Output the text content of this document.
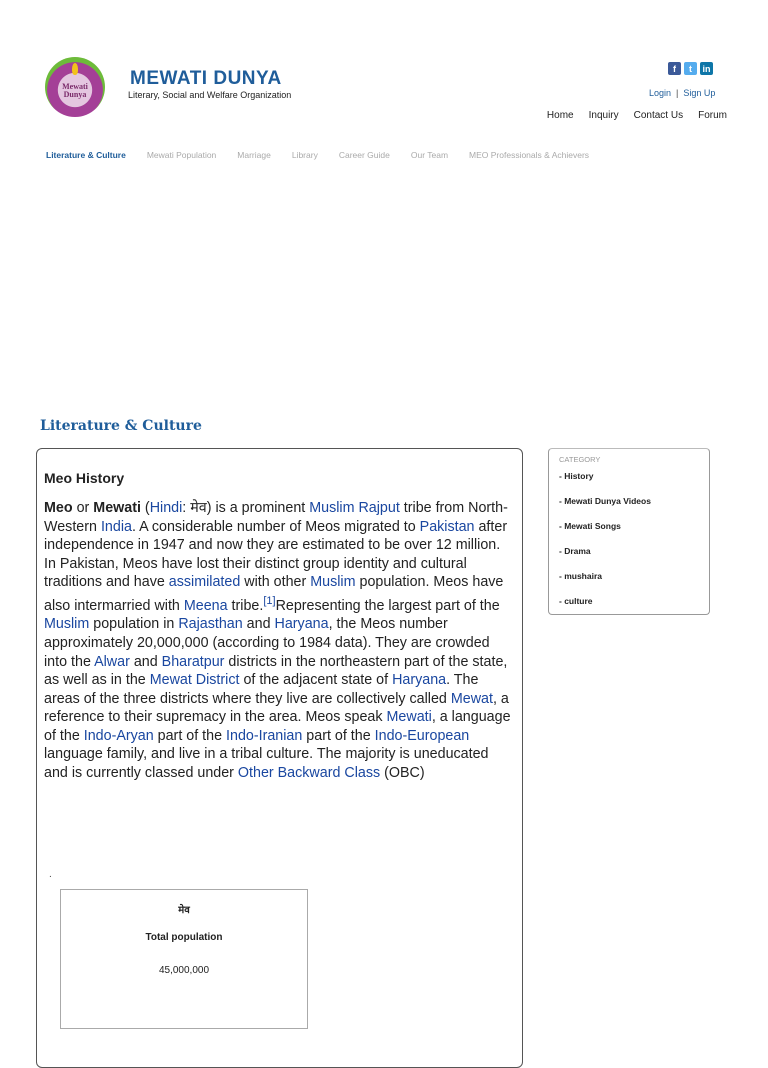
Mewati
Dunya
MEWATI DUNYA
Literary, Social and Welfare Organization
f	t	in
Login | Sign Up
Home Inquiry Contact Us Forum
Literature & Culture Mewati Population Marriage Library Career Guide Our Team MEO Professionals & Achievers
Literature & Culture
Meo History
Meo or Mewati (Hindi: मेव) is a prominent Muslim Rajput tribe from North-Western India. A considerable number of Meos migrated to Pakistan after independence in 1947 and now they are estimated to be over 12 million. In Pakistan, Meos have lost their distinct group identity and cultural traditions and have assimilated with other Muslim population. Meos have also intermarried with Meena tribe.[1]Representing the largest part of the Muslim population in Rajasthan and Haryana, the Meos number approximately 20,000,000 (according to 1984 data). They are crowded into the Alwar and Bharatpur districts in the northeastern part of the state, as well as in the Mewat District of the adjacent state of Haryana. The areas of the three districts where they live are collectively called Mewat, a reference to their supremacy in the area. Meos speak Mewati, a language of the Indo-Aryan part of the Indo-Iranian part of the Indo-European language family, and live in a tribal culture. The majority is uneducated and is currently classed under Other Backward Class (OBC)
.
मेव
Total population
45,000,000
CATEGORY
- History
- Mewati Dunya Videos
- Mewati Songs
- Drama
- mushaira
- culture
